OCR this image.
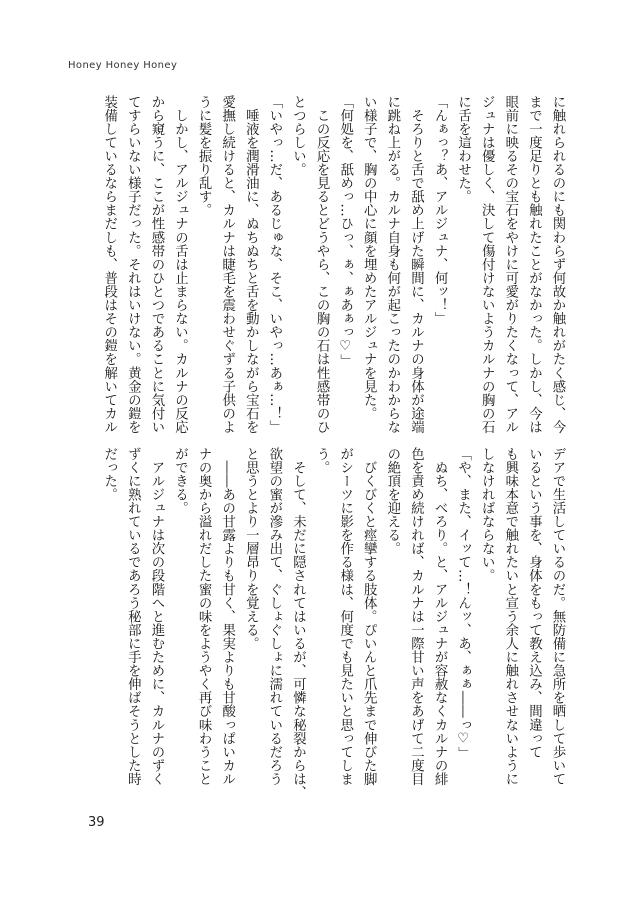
Honey Honey Honey

に触れられるのにも関わらず何故か触れがたく感じ、今

まで一度足りとも触れたことがなかった。しかし、今は

眼前に映るその宝石をやけに可愛がりたくなって、アル

ジュナは優しく、決して傷付けないようカルナの胸の石

に舌を這わせた。

「んぁっ？あ、アルジュナ、何ッ！」

　そろりと舌で舐め上げた瞬間に、カルナの身体が途端

に跳ね上がる。カルナ自身も何が起こったのかわからな

い様子で、胸の中心に顔を埋めたアルジュナを見た。

「何処を、舐めっ…ひっ、ぁ、ぁあぁっ♡」

　この反応を見るとどうやら、この胸の石は性感帯のひ

とつらしい。

「いやっ…だ、あるじゅな、そこ、いやっ…あぁ…！」

　唾液を潤滑油に、ぬちぬちと舌を動かしながら宝石を

愛撫し続けると、カルナは睫毛を震わせぐずる子供のよ

うに髪を振り乱す。

　しかし、アルジュナの舌は止まらない。カルナの反応

から窺うに、ここが性感帯のひとつであることに気付い

てすらいない様子だった。それはいけない。黄金の鎧を

装備しているならまだしも、普段はその鎧を解いてカル

デアで生活しているのだ。無防備に急所を晒して歩いて

いるという事を、身体をもって教え込み、間違って

も興味本意で触れたいと宣う余人に触れさせないように

しなければならない。

「や、また、イッて…！んッ、あ、ぁぁ――っ♡」

　ぬち、べろり。と、アルジュナが容赦なくカルナの緋

色を責め続ければ、カルナは一際甘い声をあげて二度目

の絶頂を迎える。

　びくびくと痙攣する肢体。ぴいんと爪先まで伸びた脚

がシーツに影を作る様は、何度でも見たいと思ってしま

う。

　そして、未だに隠されてはいるが、可憐な秘裂からは、

欲望の蜜が滲み出て、ぐしょぐしょに濡れているだろう

と思うとより一層昂りを覚える。

　――あの甘露よりも甘く、果実よりも甘酸っぱいカル

ナの奥から溢れだした蜜の味をようやく再び味わうこと

ができる。

　アルジュナは次の段階へと進むために、カルナのずく

ずくに熟れているであろう秘部に手を伸ばそうとした時

だった。

39
